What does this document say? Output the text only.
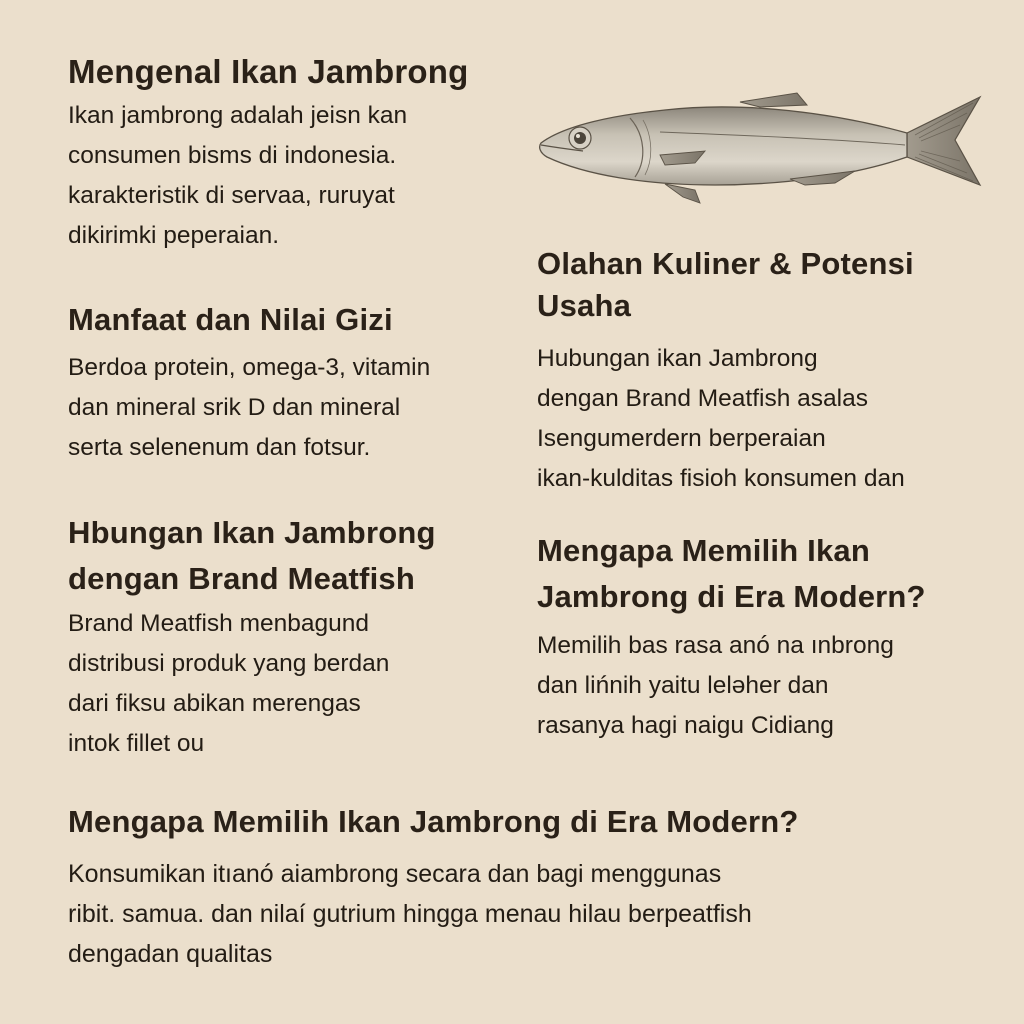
Mengenal Ikan Jambrong

Ikan jambrong adalah jeisn kan
consumen bisms di indonesia.
karakteristik di servaa, ruruyat
dikirimki peperaian.

Manfaat dan Nilai Gizi

Berdoa protein, omega-3, vitamin
dan mineral srik D dan mineral
serta selenenum dan fotsur.

Hbungan Ikan Jambrong
dengan Brand Meatfish

Brand Meatfish menbagund
distribusi produk yang berdan
dari fiksu abikan merengas
intok fillet ou

Olahan Kuliner & Potensi
Usaha

Hubungan ikan Jambrong
dengan Brand Meatfish asalas
Isengumerdern berperaian
ikan-kulditas fisioh konsumen dan

Mengapa Memilih Ikan
Jambrong di Era Modern?

Memilih bas rasa anó na ınbrong
dan lińnih yaitu lelәher dan
rasanya hagi naigu Cidiang

Mengapa Memilih Ikan Jambrong di Era Modern?

Konsumikan itıanó aiambrong secara dan bagi menggunas
ribit. samua. dan nilaí gutrium hingga menau hilau berpeatfish
dengadan qualitas
